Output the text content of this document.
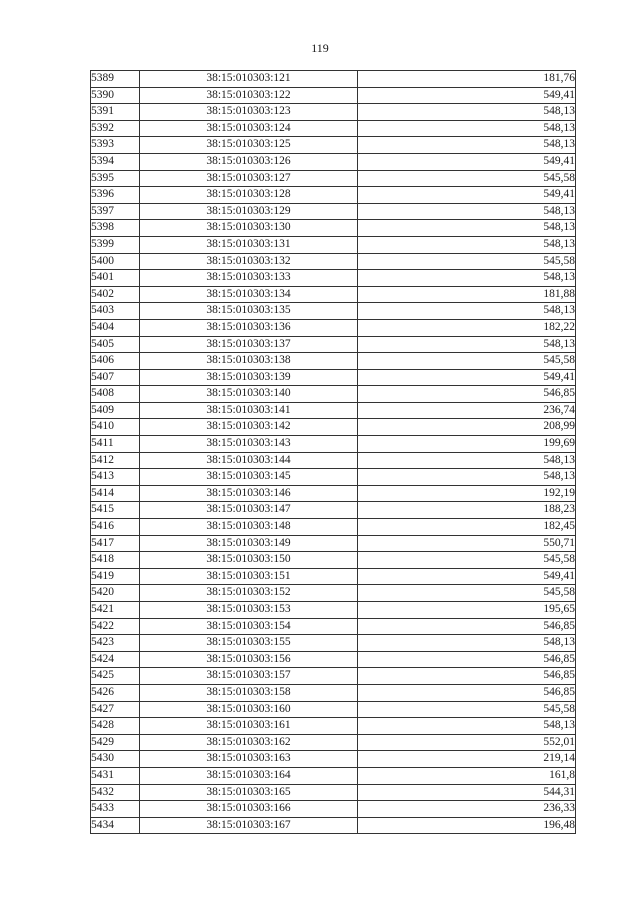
119
5389	38:15:010303:121	181,76
5390	38:15:010303:122	549,41
5391	38:15:010303:123	548,13
5392	38:15:010303:124	548,13
5393	38:15:010303:125	548,13
5394	38:15:010303:126	549,41
5395	38:15:010303:127	545,58
5396	38:15:010303:128	549,41
5397	38:15:010303:129	548,13
5398	38:15:010303:130	548,13
5399	38:15:010303:131	548,13
5400	38:15:010303:132	545,58
5401	38:15:010303:133	548,13
5402	38:15:010303:134	181,88
5403	38:15:010303:135	548,13
5404	38:15:010303:136	182,22
5405	38:15:010303:137	548,13
5406	38:15:010303:138	545,58
5407	38:15:010303:139	549,41
5408	38:15:010303:140	546,85
5409	38:15:010303:141	236,74
5410	38:15:010303:142	208,99
5411	38:15:010303:143	199,69
5412	38:15:010303:144	548,13
5413	38:15:010303:145	548,13
5414	38:15:010303:146	192,19
5415	38:15:010303:147	188,23
5416	38:15:010303:148	182,45
5417	38:15:010303:149	550,71
5418	38:15:010303:150	545,58
5419	38:15:010303:151	549,41
5420	38:15:010303:152	545,58
5421	38:15:010303:153	195,65
5422	38:15:010303:154	546,85
5423	38:15:010303:155	548,13
5424	38:15:010303:156	546,85
5425	38:15:010303:157	546,85
5426	38:15:010303:158	546,85
5427	38:15:010303:160	545,58
5428	38:15:010303:161	548,13
5429	38:15:010303:162	552,01
5430	38:15:010303:163	219,14
5431	38:15:010303:164	161,8
5432	38:15:010303:165	544,31
5433	38:15:010303:166	236,33
5434	38:15:010303:167	196,48
